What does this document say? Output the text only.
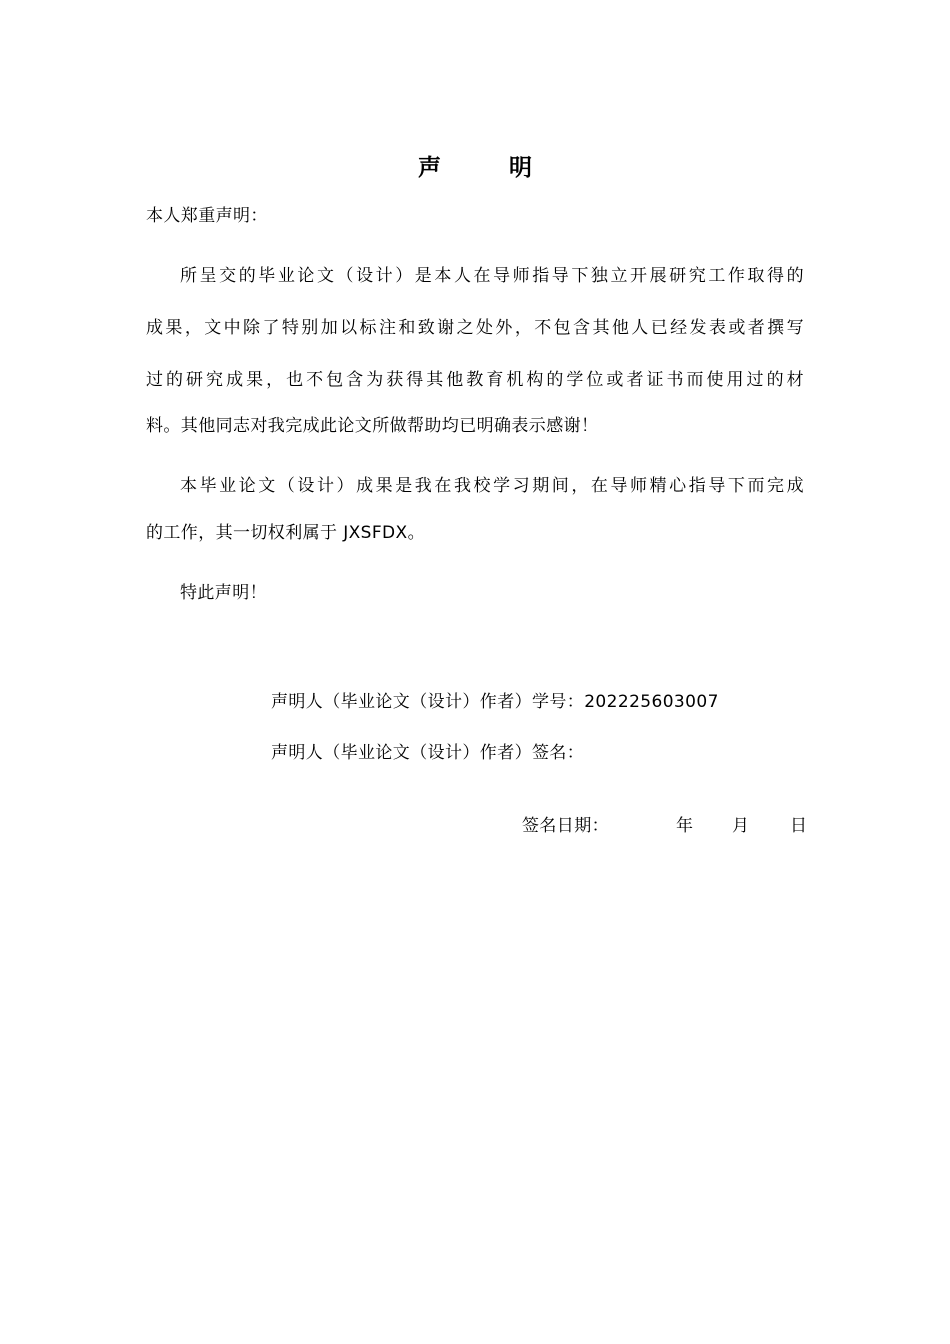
声	明
本人郑重声明：
所呈交的毕业论文（设计）是本人在导师指导下独立开展研究工作取得的
成果，文中除了特别加以标注和致谢之处外，不包含其他人已经发表或者撰写
过的研究成果，也不包含为获得其他教育机构的学位或者证书而使用过的材
料。其他同志对我完成此论文所做帮助均已明确表示感谢！
本毕业论文（设计）成果是我在我校学习期间，在导师精心指导下而完成
的工作，其一切权利属于 JXSFDX。
特此声明！
声明人（毕业论文（设计）作者）学号：202225603007
声明人（毕业论文（设计）作者）签名：
签名日期：	年 月 日
